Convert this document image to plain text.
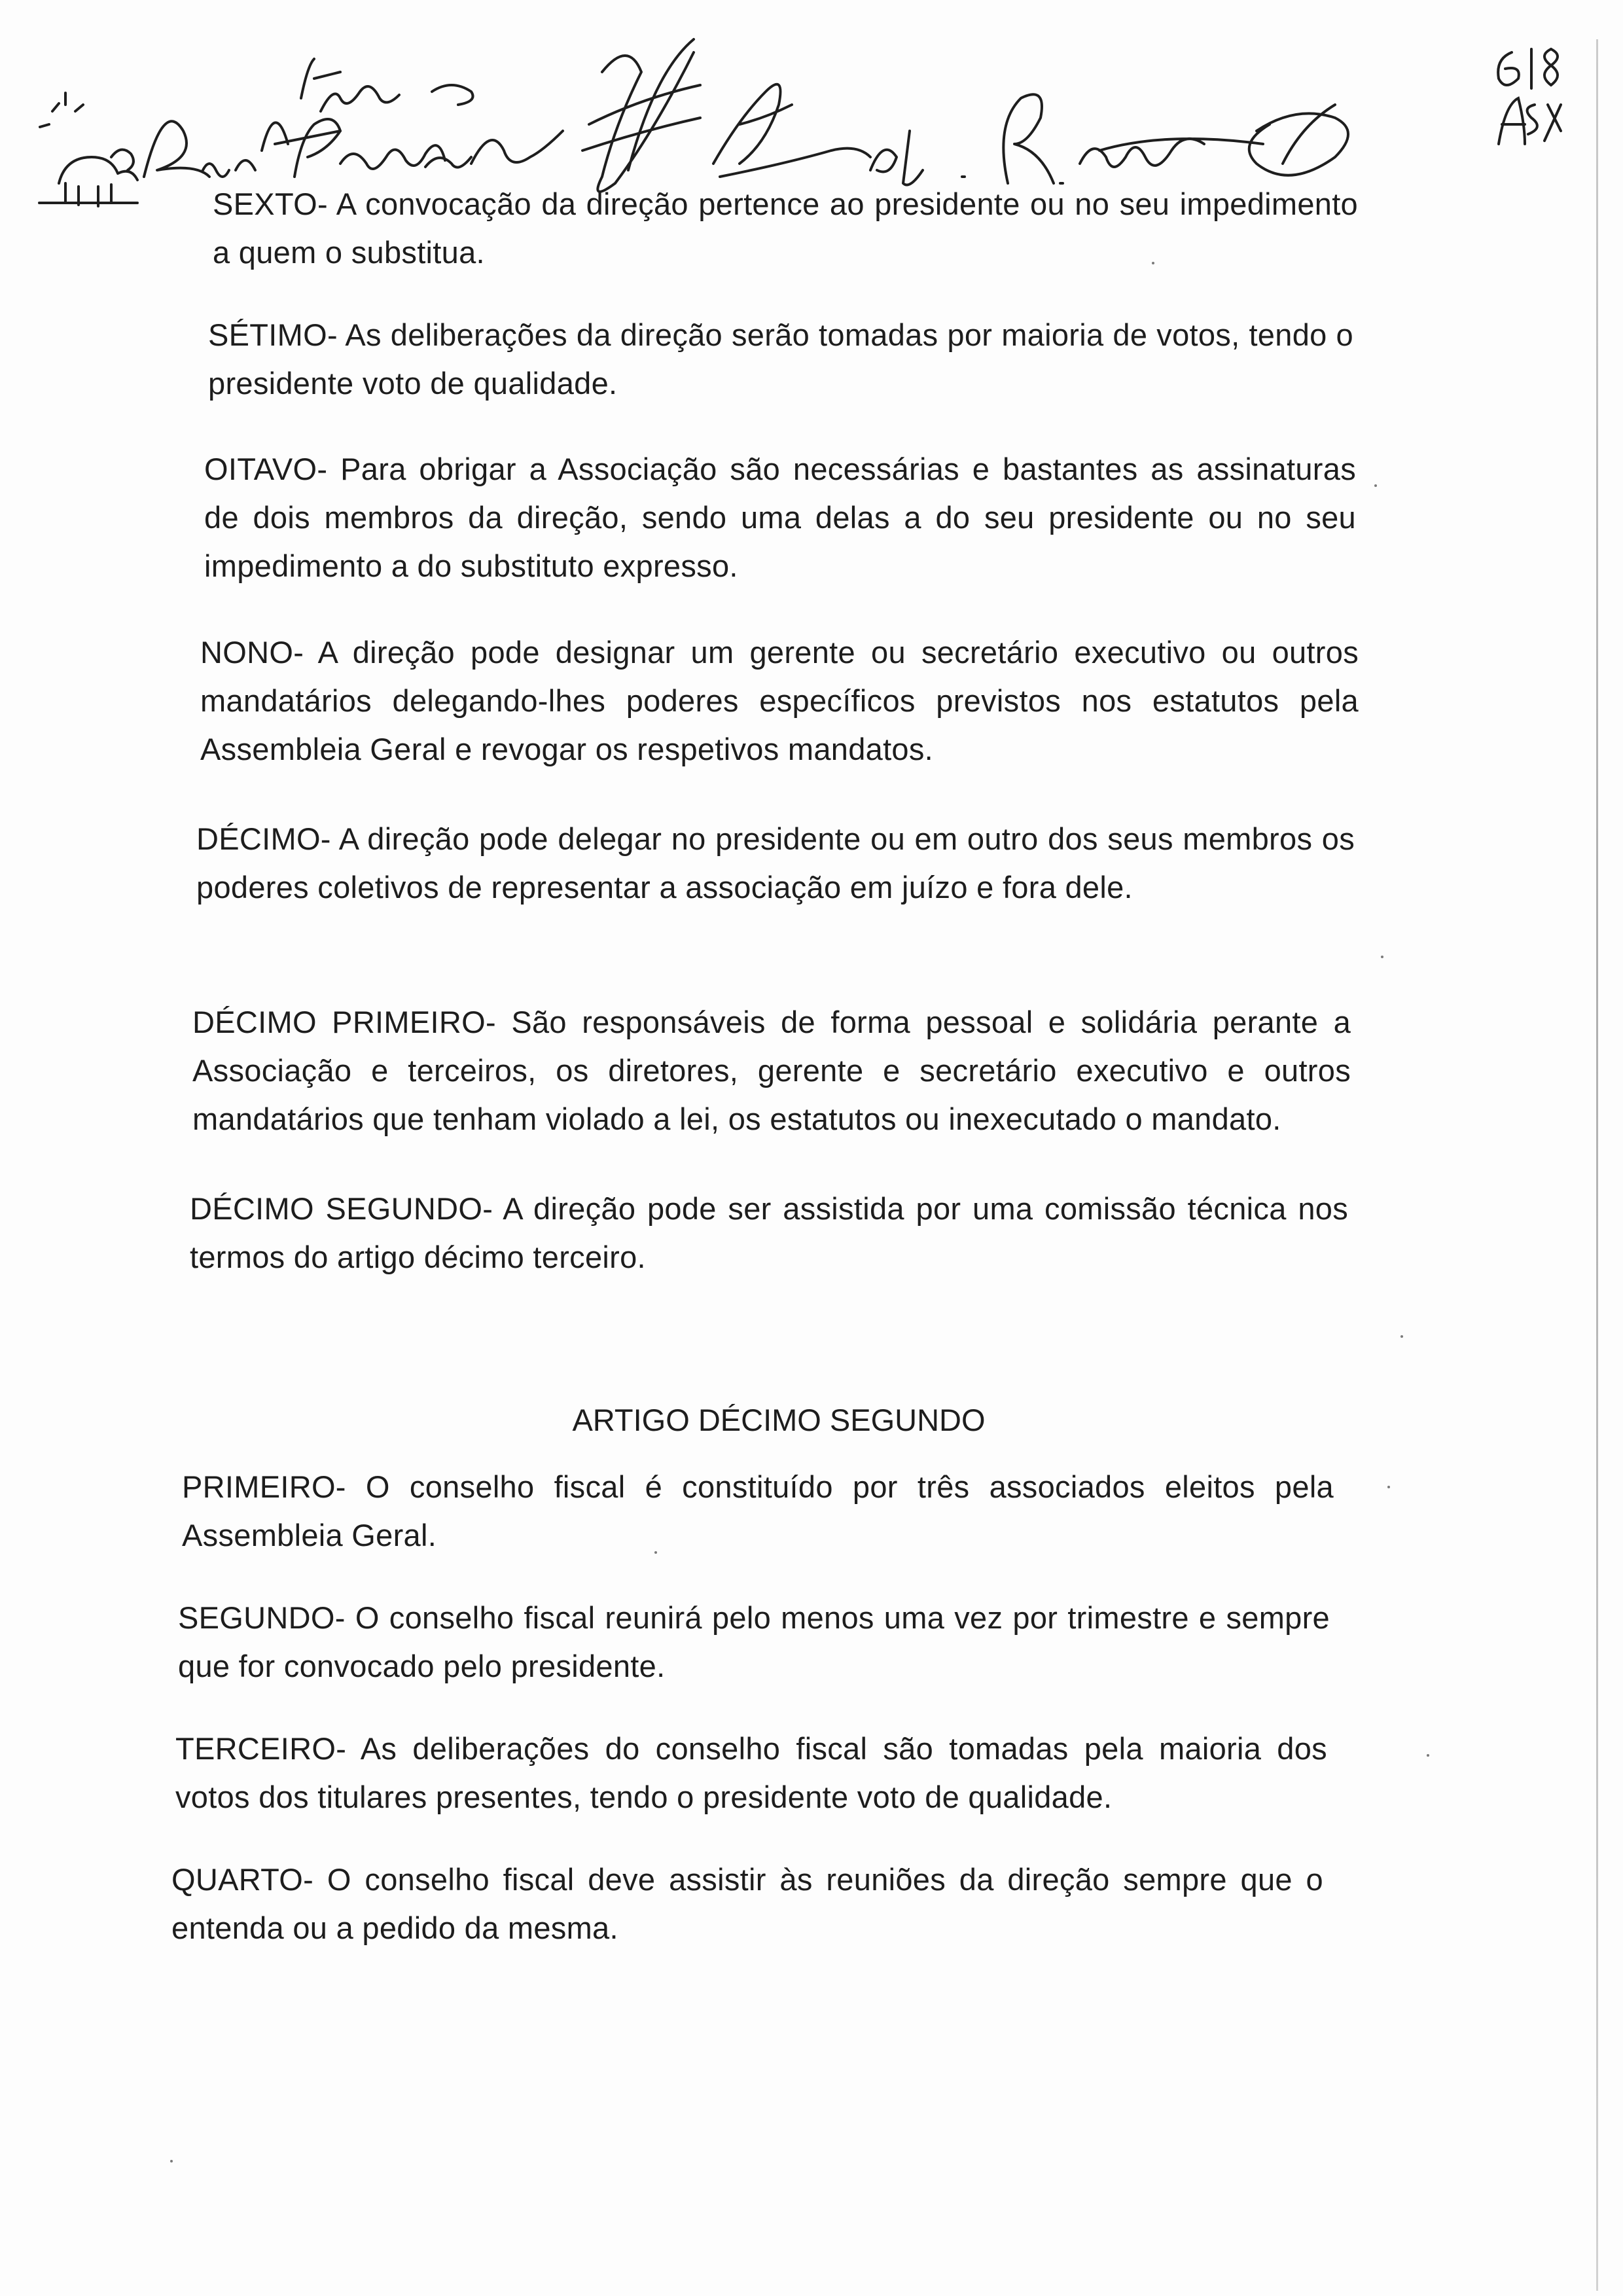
SEXTO- A convocação da direção pertence ao presidente ou no seu impedimento a quem o substitua.

SÉTIMO- As deliberações da direção serão tomadas por maioria de votos, tendo o presidente voto de qualidade.

OITAVO- Para obrigar a Associação são necessárias e bastantes as assinaturas de dois membros da direção, sendo uma delas a do seu presidente ou no seu impedimento a do substituto expresso.

NONO- A direção pode designar um gerente ou secretário executivo ou outros mandatários delegando-lhes poderes específicos previstos nos estatutos pela Assembleia Geral e revogar os respetivos mandatos.

DÉCIMO- A direção pode delegar no presidente ou em outro dos seus membros os poderes coletivos de representar a associação em juízo e fora dele.

DÉCIMO PRIMEIRO- São responsáveis de forma pessoal e solidária perante a Associação e terceiros, os diretores, gerente e secretário executivo e outros mandatários que tenham violado a lei, os estatutos ou inexecutado o mandato.

DÉCIMO SEGUNDO- A direção pode ser assistida por uma comissão técnica nos termos do artigo décimo terceiro.

ARTIGO DÉCIMO SEGUNDO

PRIMEIRO- O conselho fiscal é constituído por três associados eleitos pela Assembleia Geral.

SEGUNDO- O conselho fiscal reunirá pelo menos uma vez por trimestre e sempre que for convocado pelo presidente.

TERCEIRO- As deliberações do conselho fiscal são tomadas pela maioria dos votos dos titulares presentes, tendo o presidente voto de qualidade.

QUARTO- O conselho fiscal deve assistir às reuniões da direção sempre que o entenda ou a pedido da mesma.
